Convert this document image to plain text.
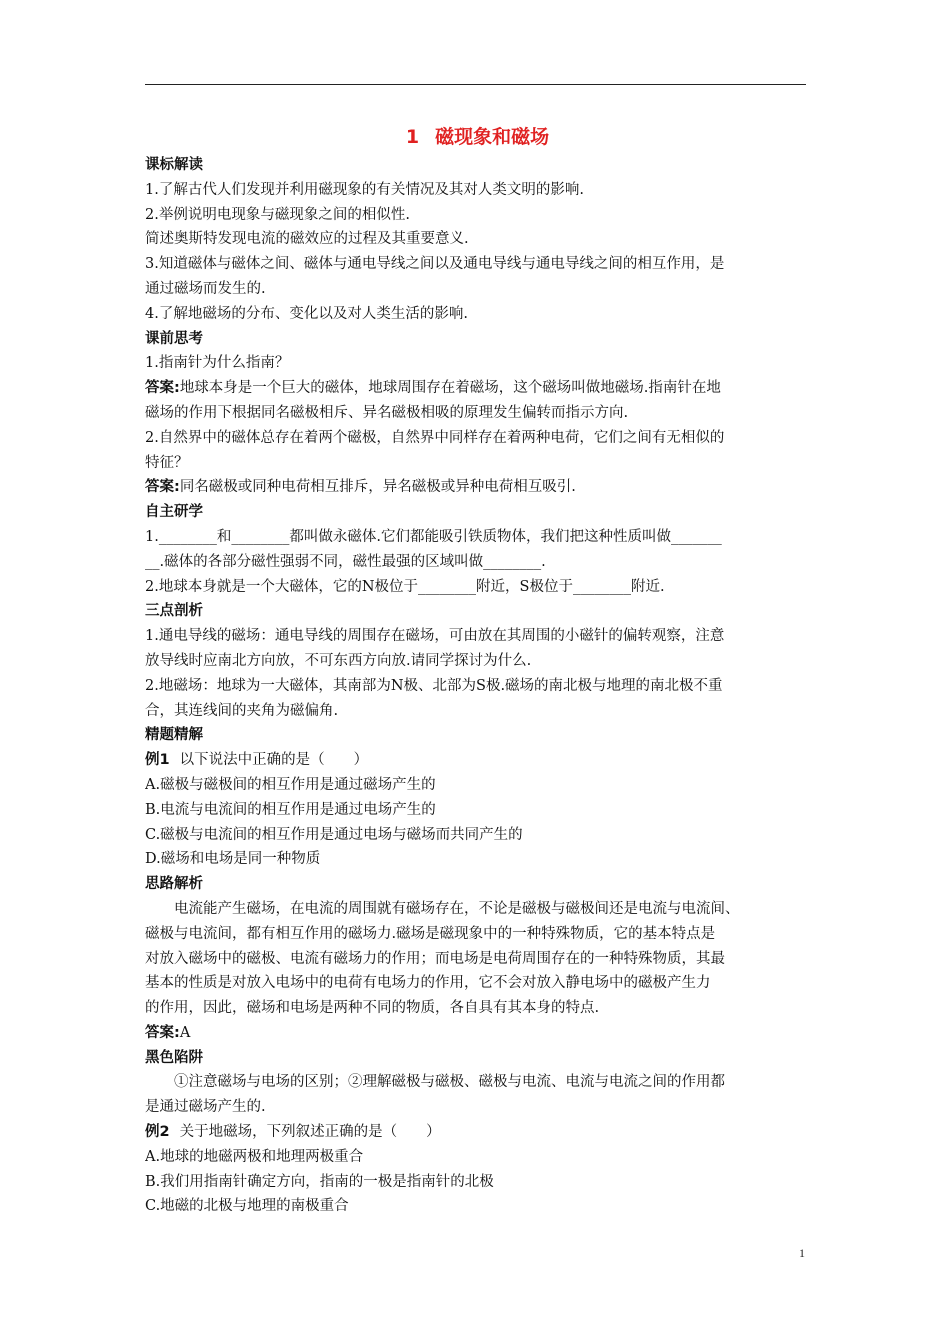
1 磁现象和磁场
课标解读
1.了解古代人们发现并利用磁现象的有关情况及其对人类文明的影响.
2.举例说明电现象与磁现象之间的相似性.
简述奥斯特发现电流的磁效应的过程及其重要意义.
3.知道磁体与磁体之间、磁体与通电导线之间以及通电导线与通电导线之间的相互作用，是
通过磁场而发生的.
4.了解地磁场的分布、变化以及对人类生活的影响.
课前思考
1.指南针为什么指南？
答案:地球本身是一个巨大的磁体，地球周围存在着磁场，这个磁场叫做地磁场.指南针在地
磁场的作用下根据同名磁极相斥、异名磁极相吸的原理发生偏转而指示方向.
2.自然界中的磁体总存在着两个磁极，自然界中同样存在着两种电荷，它们之间有无相似的
特征？
答案:同名磁极或同种电荷相互排斥，异名磁极或异种电荷相互吸引.
自主研学
1.________和________都叫做永磁体.它们都能吸引铁质物体，我们把这种性质叫做_______
__.磁体的各部分磁性强弱不同，磁性最强的区域叫做________.
2.地球本身就是一个大磁体，它的N极位于________附近，S极位于________附近.
三点剖析
1.通电导线的磁场：通电导线的周围存在磁场，可由放在其周围的小磁针的偏转观察，注意
放导线时应南北方向放，不可东西方向放.请同学探讨为什么.
2.地磁场：地球为一大磁体，其南部为N极、北部为S极.磁场的南北极与地理的南北极不重
合，其连线间的夹角为磁偏角.
精题精解
例1 以下说法中正确的是（　　）
A.磁极与磁极间的相互作用是通过磁场产生的
B.电流与电流间的相互作用是通过电场产生的
C.磁极与电流间的相互作用是通过电场与磁场而共同产生的
D.磁场和电场是同一种物质
思路解析
电流能产生磁场，在电流的周围就有磁场存在，不论是磁极与磁极间还是电流与电流间、
磁极与电流间，都有相互作用的磁场力.磁场是磁现象中的一种特殊物质，它的基本特点是
对放入磁场中的磁极、电流有磁场力的作用；而电场是电荷周围存在的一种特殊物质，其最
基本的性质是对放入电场中的电荷有电场力的作用，它不会对放入静电场中的磁极产生力
的作用，因此，磁场和电场是两种不同的物质，各自具有其本身的特点.
答案:A
黑色陷阱
①注意磁场与电场的区别；②理解磁极与磁极、磁极与电流、电流与电流之间的作用都
是通过磁场产生的.
例2 关于地磁场，下列叙述正确的是（　　）
A.地球的地磁两极和地理两极重合
B.我们用指南针确定方向，指南的一极是指南针的北极
C.地磁的北极与地理的南极重合
1
